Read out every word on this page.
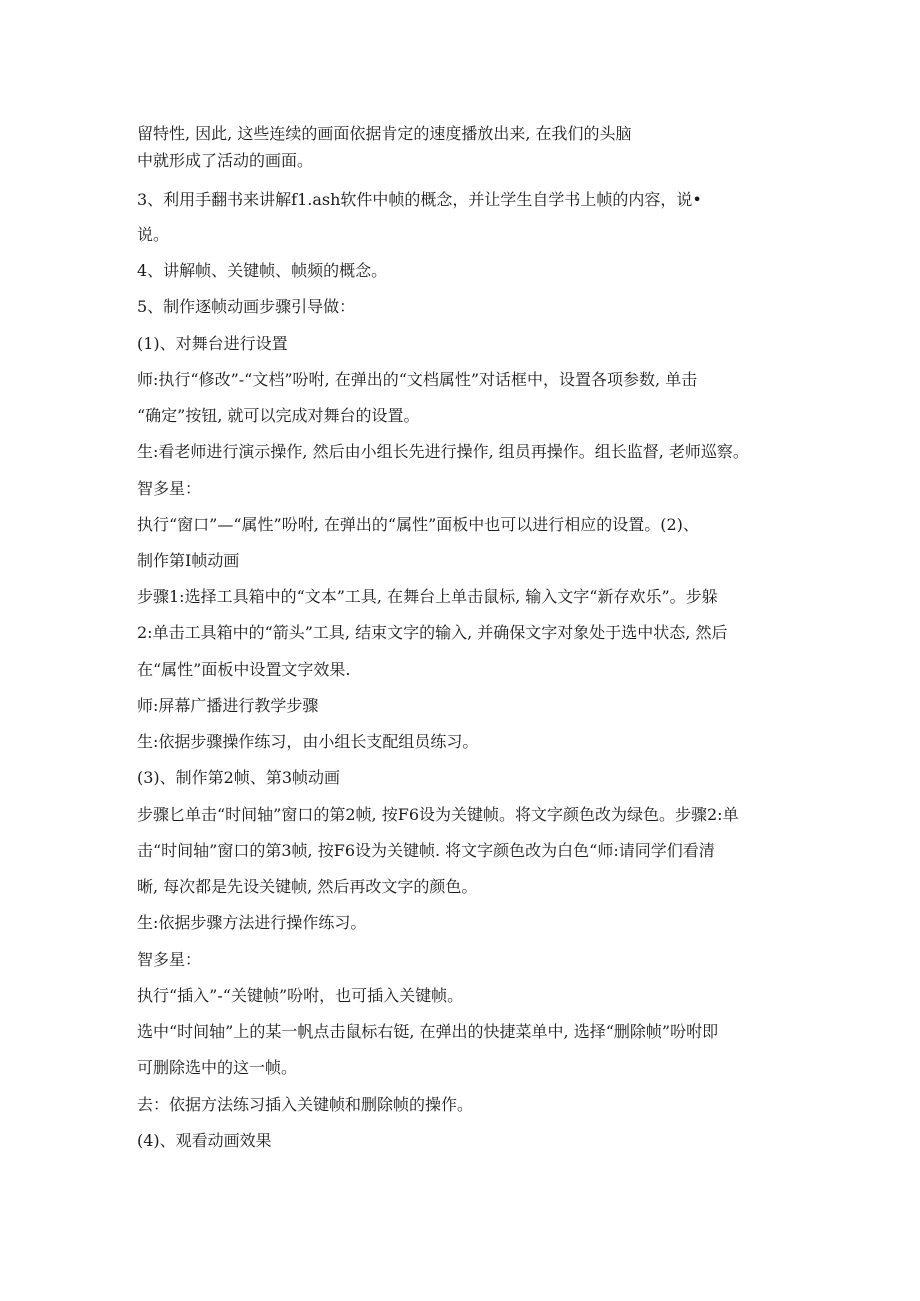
留特性, 因此, 这些连续的画面依据肯定的速度播放出来, 在我们的头脑
中就形成了活动的画面。
3、利用手翻书来讲解f1.ash软件中帧的概念，并让学生自学书上帧的内容，说•
说。
4、讲解帧、关键帧、帧频的概念。
5、制作逐帧动画步骤引导做：
(1)、对舞台进行设置
师:执行“修改”-“文档”吩咐, 在弹出的“文档属性”对话框中，设置各项参数, 单击
“确定”按钮, 就可以完成对舞台的设置。
生:看老师进行演示操作, 然后由小组长先进行操作, 组员再操作。组长监督, 老师巡察。
智多星：
执行“窗口”—“属性”吩咐, 在弹出的“属性”面板中也可以进行相应的设置。(2)、
制作第I帧动画
步骤1:选择工具箱中的“文本”工具, 在舞台上单击鼠标, 输入文字“新存欢乐”。步躲
2:单击工具箱中的“箭头”工具, 结束文字的输入, 并确保文字对象处于选中状态, 然后
在“属性”面板中设置文字效果.
师:屏幕广播进行教学步骤
生:依据步骤操作练习，由小组长支配组员练习。
(3)、制作第2帧、第3帧动画
步骤匕单击“时间轴”窗口的第2帧, 按F6设为关键帧。将文字颜色改为绿色。步骤2:单
击“时间轴”窗口的第3帧, 按F6设为关键帧. 将文字颜色改为白色“师:请同学们看清
晰, 每次都是先设关键帧, 然后再改文字的颜色。
生:依据步骤方法进行操作练习。
智多星：
执行“插入”-“关键帧”吩咐，也可插入关键帧。
选中“时间轴”上的某一帆点击鼠标右铤, 在弹出的快捷菜单中, 选择“删除帧”吩咐即
可删除选中的这一帧。
去：依据方法练习插入关键帧和删除帧的操作。
(4)、观看动画效果
